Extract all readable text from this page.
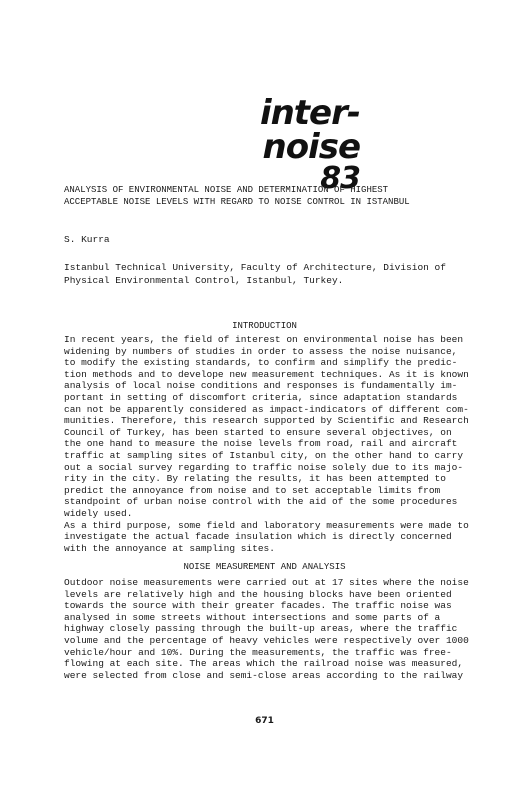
inter-noise
83
ANALYSIS OF ENVIRONMENTAL NOISE AND DETERMINATION OF HIGHEST
ACCEPTABLE NOISE LEVELS WITH REGARD TO NOISE CONTROL IN ISTANBUL
S. Kurra
Istanbul Technical University, Faculty of Architecture, Division of
Physical Environmental Control, Istanbul, Turkey.
INTRODUCTION
In recent years, the field of interest on environmental noise has been
widening by numbers of studies in order to assess the noise nuisance,
to modify the existing standards, to confirm and simplify the predic-
tion methods and to develope new measurement techniques. As it is known
analysis of local noise conditions and responses is fundamentally im-
portant in setting of discomfort criteria, since adaptation standards
can not be apparently considered as impact-indicators of different com-
munities. Therefore, this research supported by Scientific and Research
Council of Turkey, has been started to ensure several objectives, on
the one hand to measure the noise levels from road, rail and aircraft
traffic at sampling sites of Istanbul city, on the other hand to carry
out a social survey regarding to traffic noise solely due to its majo-
rity in the city. By relating the results, it has been attempted to
predict the annoyance from noise and to set acceptable limits from
standpoint of urban noise control with the aid of the some procedures
widely used.
As a third purpose, some field and laboratory measurements were made to
investigate the actual facade insulation which is directly concerned
with the annoyance at sampling sites.
NOISE MEASUREMENT AND ANALYSIS
Outdoor noise measurements were carried out at 17 sites where the noise
levels are relatively high and the housing blocks have been oriented
towards the source with their greater facades. The traffic noise was
analysed in some streets without intersections and some parts of a
highway closely passing through the built-up areas, where the traffic
volume and the percentage of heavy vehicles were respectively over 1000
vehicle/hour and 10%. During the measurements, the traffic was free-
flowing at each site. The areas which the railroad noise was measured,
were selected from close and semi-close areas according to the railway
671
